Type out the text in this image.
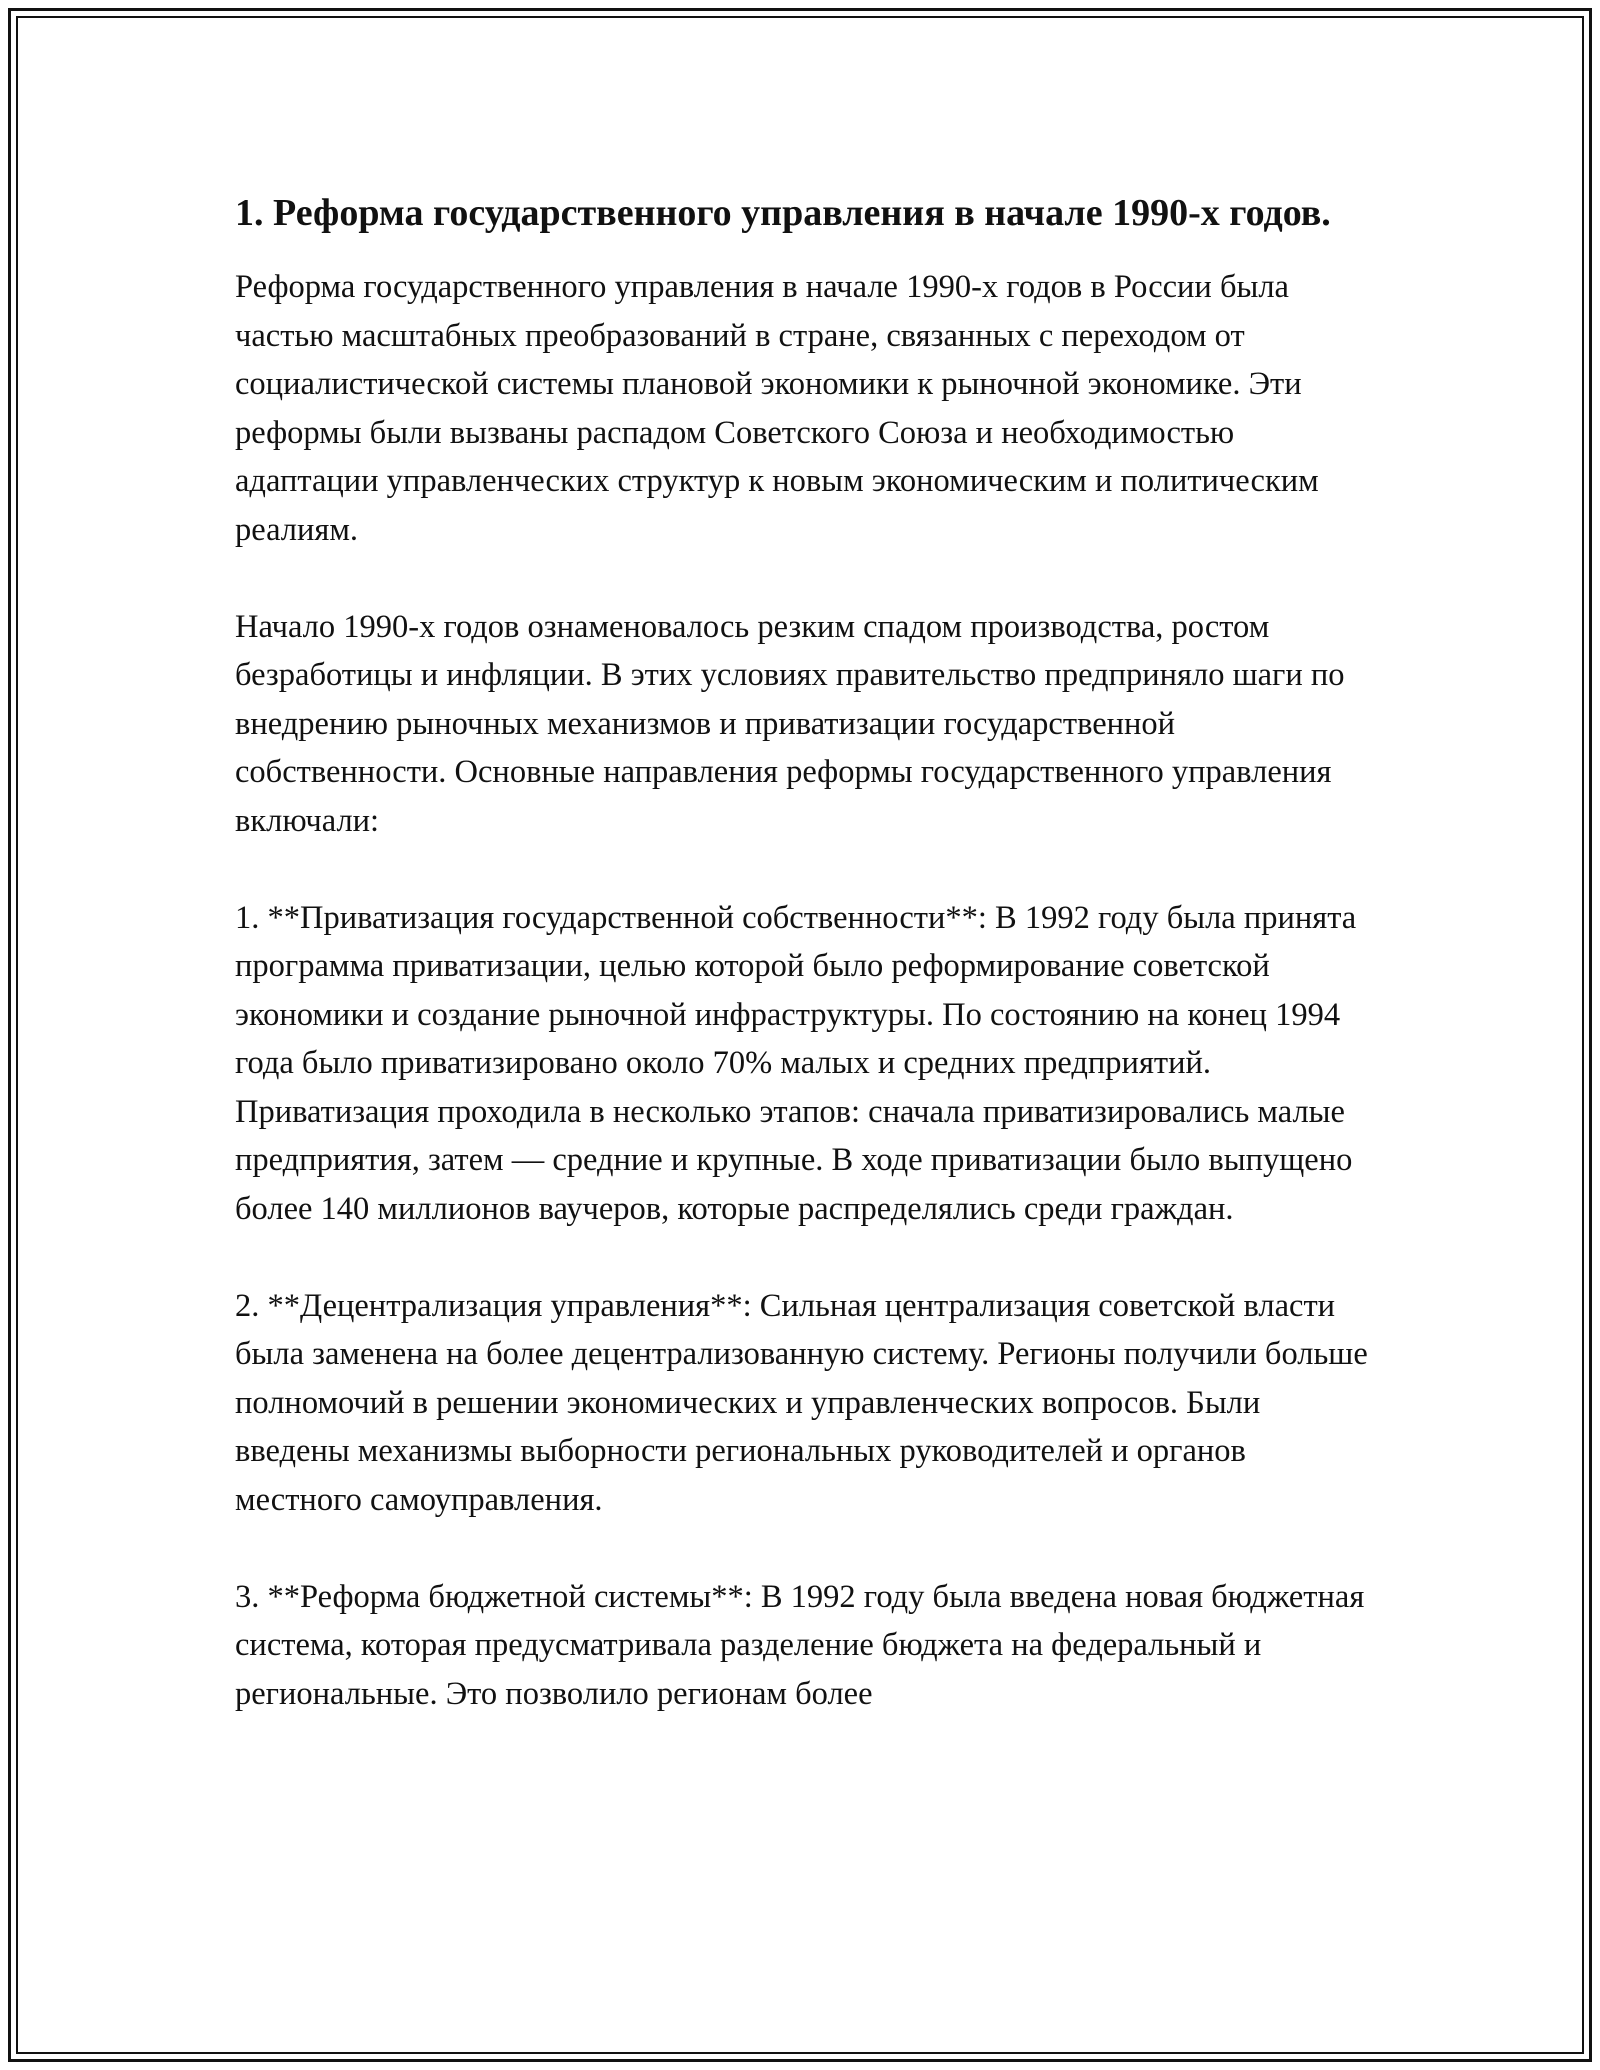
1. Реформа государственного управления в начале 1990-х годов.

Реформа государственного управления в начале 1990-х годов в России была частью масштабных преобразований в стране, связанных с переходом от социалистической системы плановой экономики к рыночной экономике. Эти реформы были вызваны распадом Советского Союза и необходимостью адаптации управленческих структур к новым экономическим и политическим реалиям.

Начало 1990-х годов ознаменовалось резким спадом производства, ростом безработицы и инфляции. В этих условиях правительство предприняло шаги по внедрению рыночных механизмов и приватизации государственной собственности. Основные направления реформы государственного управления включали:

1. **Приватизация государственной собственности**: В 1992 году была принята программа приватизации, целью которой было реформирование советской экономики и создание рыночной инфраструктуры. По состоянию на конец 1994 года было приватизировано около 70% малых и средних предприятий. Приватизация проходила в несколько этапов: сначала приватизировались малые предприятия, затем — средние и крупные. В ходе приватизации было выпущено более 140 миллионов ваучеров, которые распределялись среди граждан.

2. **Децентрализация управления**: Сильная централизация советской власти была заменена на более децентрализованную систему. Регионы получили больше полномочий в решении экономических и управленческих вопросов. Были введены механизмы выборности региональных руководителей и органов местного самоуправления.

3. **Реформа бюджетной системы**: В 1992 году была введена новая бюджетная система, которая предусматривала разделение бюджета на федеральный и региональные. Это позволило регионам более
